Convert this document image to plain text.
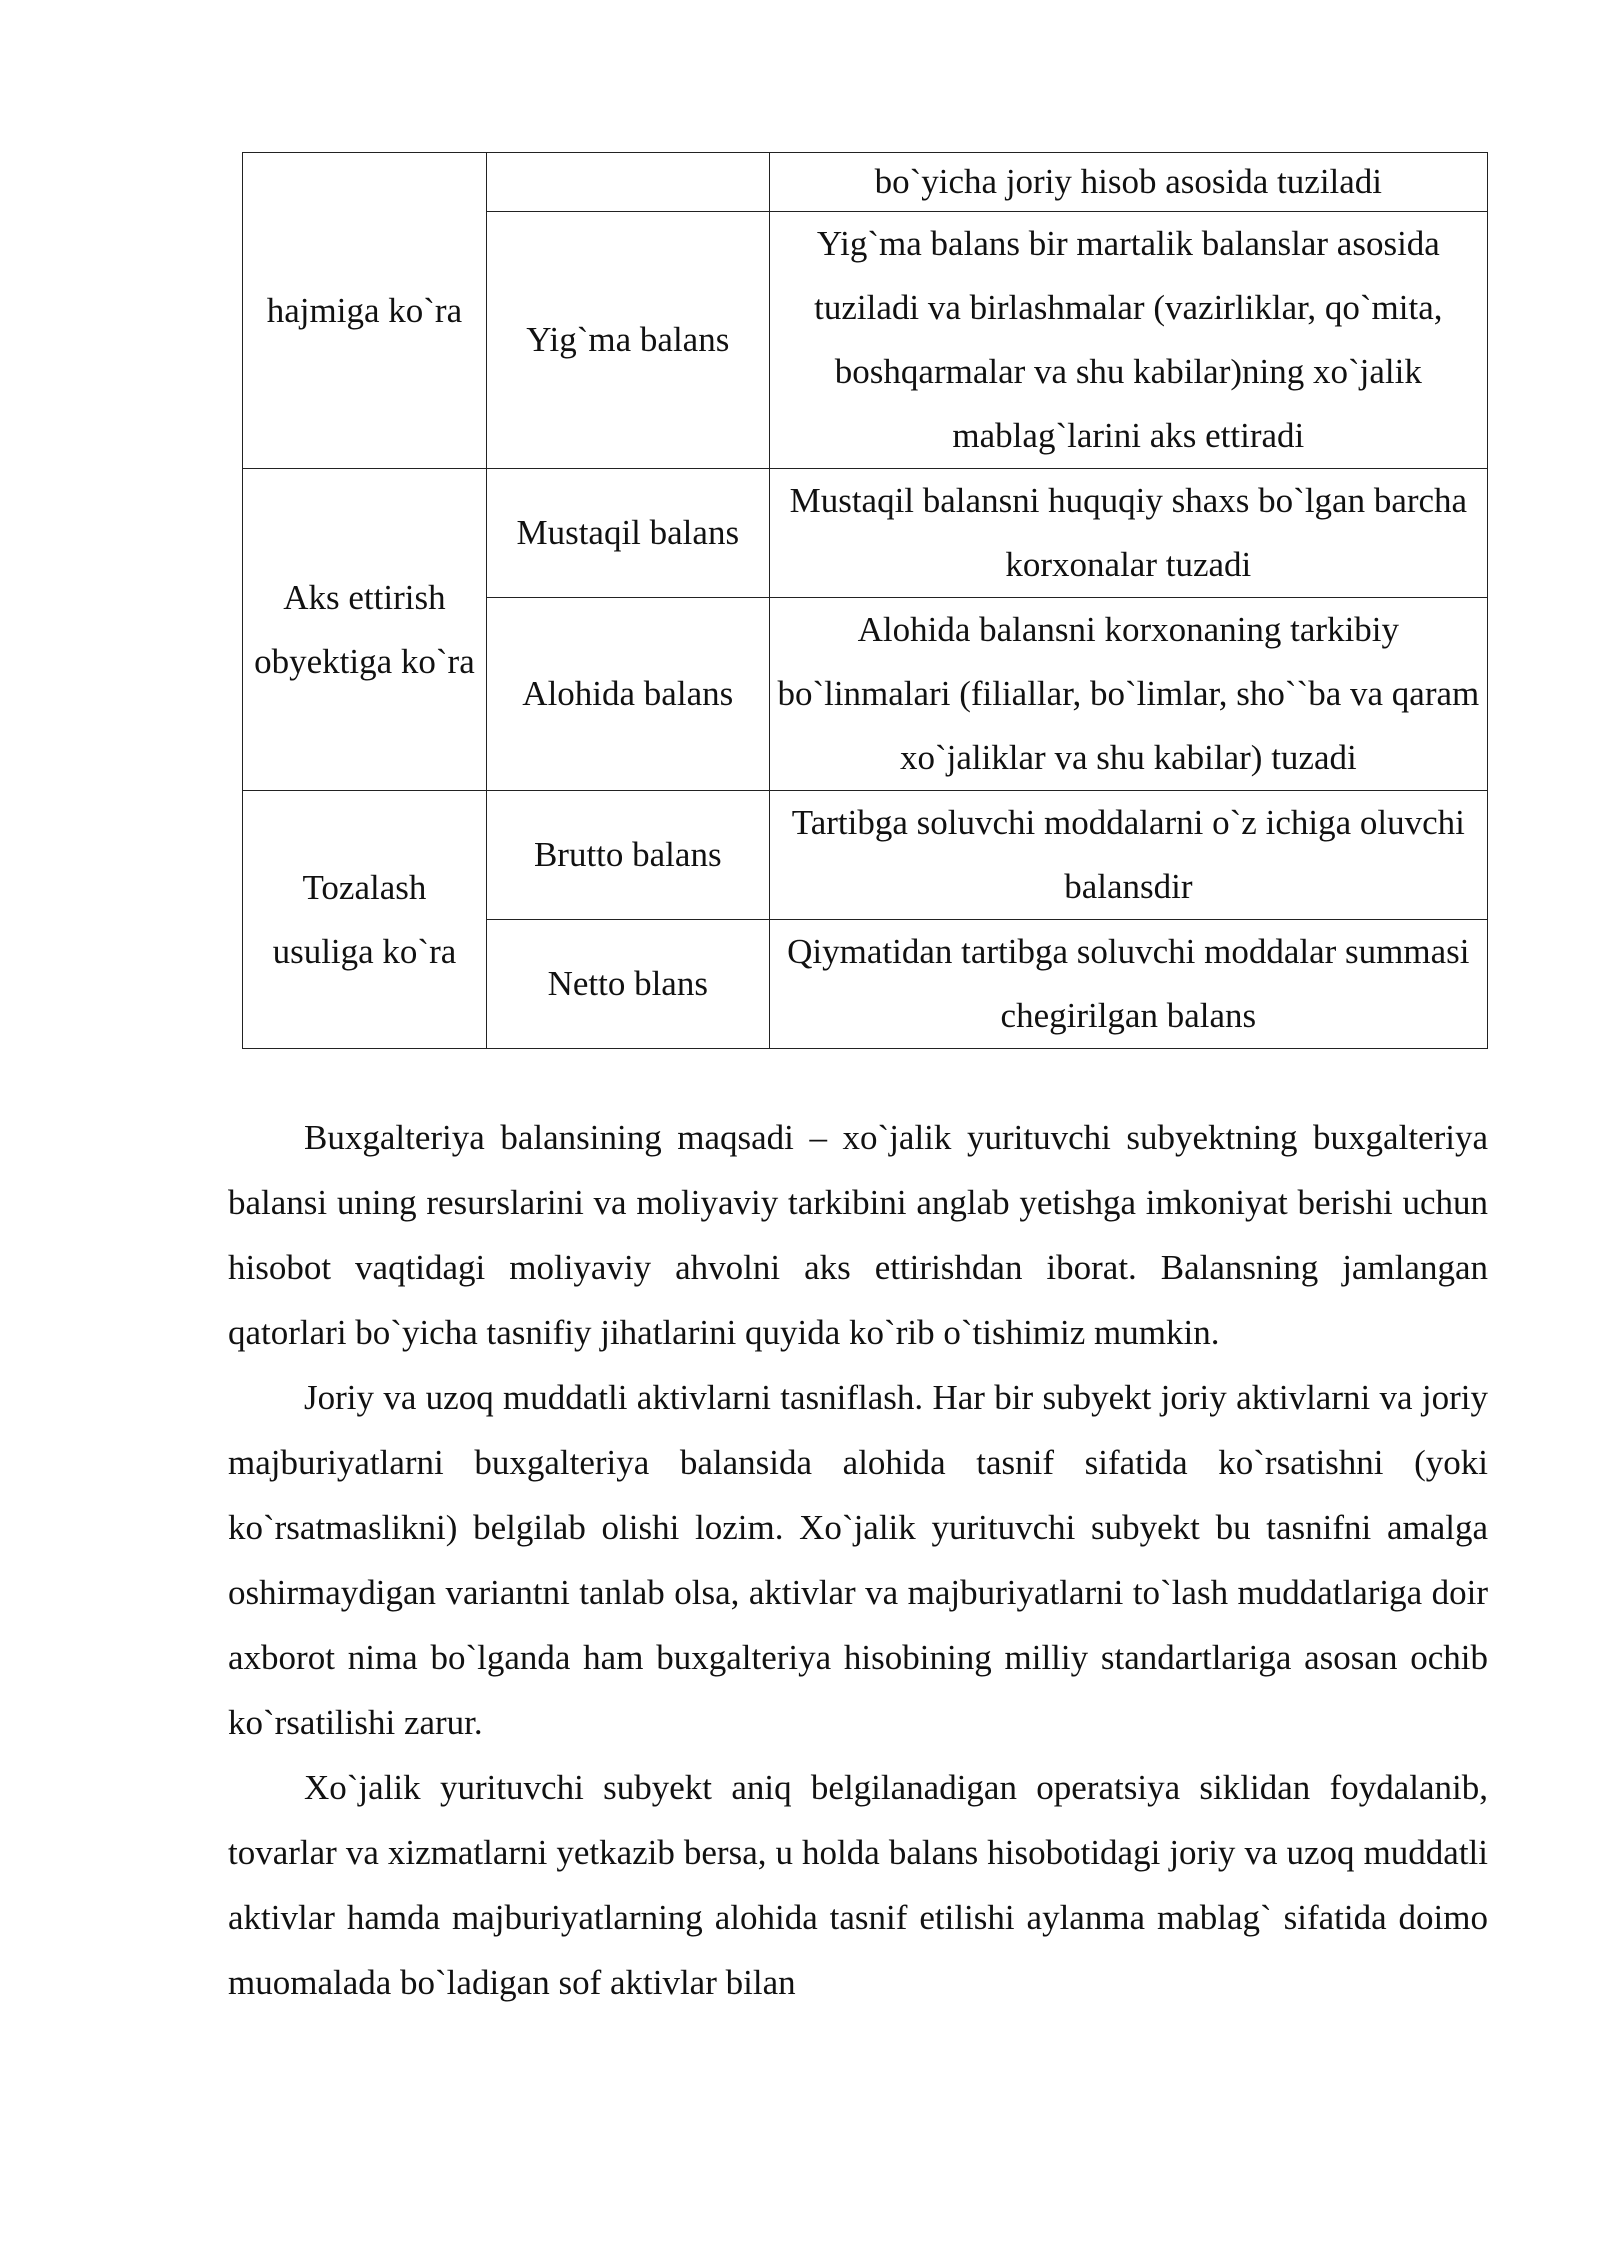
hajmiga ko`ra		bo`yicha joriy hisob asosida tuziladi
	Yig`ma balans	Yig`ma balans bir martalik balanslar asosida tuziladi va birlashmalar (vazirliklar, qo`mita, boshqarmalar va shu kabilar)ning xo`jalik mablag`larini aks ettiradi
Aks ettirish obyektiga ko`ra	Mustaqil balans	Mustaqil balansni huquqiy shaxs bo`lgan barcha korxonalar tuzadi
	Alohida balans	Alohida balansni korxonaning tarkibiy bo`linmalari (filiallar, bo`limlar, sho``ba va qaram xo`jaliklar va shu kabilar) tuzadi
Tozalash usuliga ko`ra	Brutto balans	Tartibga soluvchi moddalarni o`z ichiga oluvchi balansdir
	Netto blans	Qiymatidan tartibga soluvchi moddalar summasi chegirilgan balans

Buxgalteriya balansining maqsadi – xo`jalik yurituvchi subyektning buxgalteriya balansi uning resurslarini va moliyaviy tarkibini anglab yetishga imkoniyat berishi uchun hisobot vaqtidagi moliyaviy ahvolni aks ettirishdan iborat. Balansning jamlangan qatorlari bo`yicha tasnifiy jihatlarini quyida ko`rib o`tishimiz mumkin.

Joriy va uzoq muddatli aktivlarni tasniflash. Har bir subyekt joriy aktivlarni va joriy majburiyatlarni buxgalteriya balansida alohida tasnif sifatida ko`rsatishni (yoki ko`rsatmaslikni) belgilab olishi lozim. Xo`jalik yurituvchi subyekt bu tasnifni amalga oshirmaydigan variantni tanlab olsa, aktivlar va majburiyatlarni to`lash muddatlariga doir axborot nima bo`lganda ham buxgalteriya hisobining milliy standartlariga asosan ochib ko`rsatilishi zarur.

Xo`jalik yurituvchi subyekt aniq belgilanadigan operatsiya siklidan foydalanib, tovarlar va xizmatlarni yetkazib bersa, u holda balans hisobotidagi joriy va uzoq muddatli aktivlar hamda majburiyatlarning alohida tasnif etilishi aylanma mablag` sifatida doimo muomalada bo`ladigan sof aktivlar bilan
